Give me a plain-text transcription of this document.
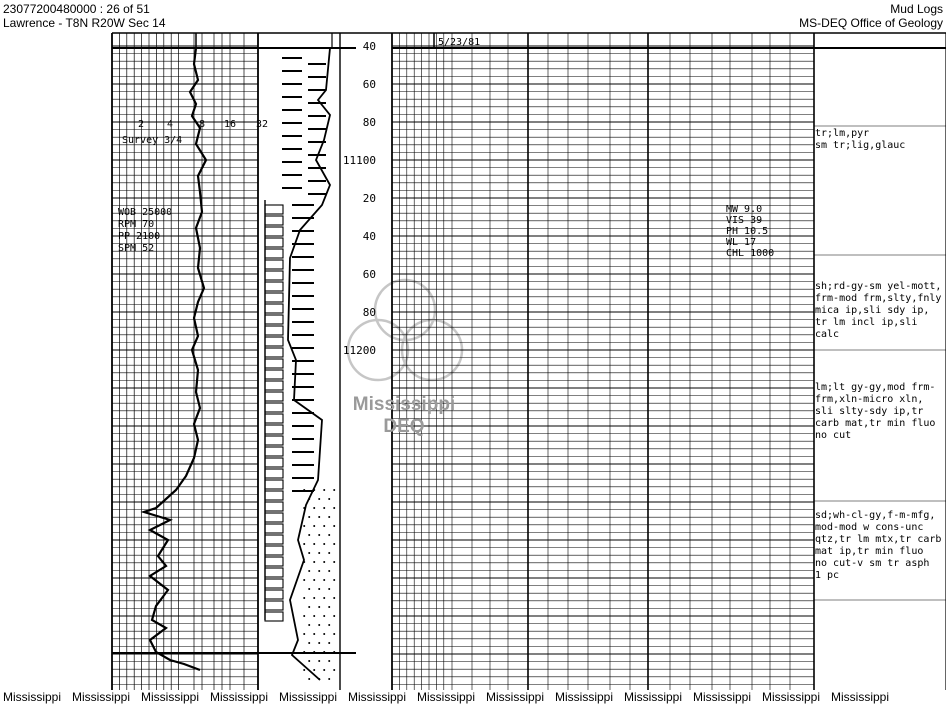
23077200480000 : 26 of 51
Lawrence - T8N R20W Sec 14
Mud Logs
MS-DEQ Office of Geology
Mississippi
DEQ
40
60
80
11100
20
40
60
80
11200
5/23/81
2 4	8 16 32
Survey 3/4
WOB 25000
RPM 70
PP 2100
SPM 52
MW 9.0
VIS 39
PH 10.5
WL 17
CHL 1000
tr;lm,pyr
sm tr;lig,glauc
sh;rd-gy-sm yel-mott,
frm-mod frm,slty,fnly
mica ip,sli sdy ip,
tr lm incl ip,sli
calc
lm;lt gy-gy,mod frm-
frm,xln-micro xln,
sli slty-sdy ip,tr
carb mat,tr min fluo
no cut
sd;wh-cl-gy,f-m-mfg,
mod-mod w cons-unc
qtz,tr lm mtx,tr carb
mat ip,tr min fluo
no cut-v sm tr asph
1 pc
Mississippi Mississippi Mississippi Mississippi Mississippi Mississippi Mississippi Mississippi Mississippi Mississippi Mississippi Mississippi Mississippi
